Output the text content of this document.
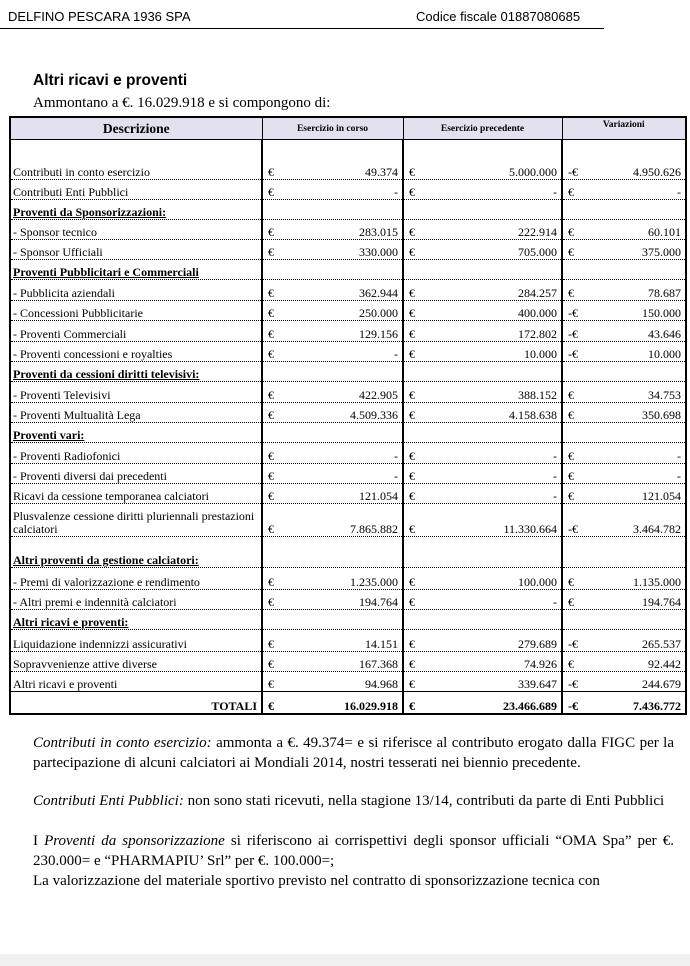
DELFINO PESCARA 1936 SPA	Codice fiscale 01887080685
Altri ricavi e proventi
Ammontano a €. 16.029.918 e si compongono di:
Descrizione	Esercizio in corso	Esercizio precedente	Variazioni
Contributi in conto esercizio	€ 49.374	€ 5.000.000	-€ 4.950.626

Contributi Enti Pubblici	€ -	€ -	€ -

Proventi da Sponsorizzazioni:			
- Sponsor tecnico	€ 283.015	€ 222.914	€ 60.101

- Sponsor Ufficiali	€ 330.000	€ 705.000	€ 375.000

Proventi Pubblicitari e Commerciali			
- Pubblicita aziendali	€ 362.944	€ 284.257	€ 78.687

- Concessioni Pubblicitarie	€ 250.000	€ 400.000	-€ 150.000

- Proventi Commerciali	€ 129.156	€ 172.802	-€ 43.646

- Proventi concessioni e royalties	€ -	€ 10.000	-€ 10.000

Proventi da cessioni diritti televisivi:			
- Proventi Televisivi	€ 422.905	€ 388.152	€ 34.753

- Proventi Multualità Lega	€ 4.509.336	€ 4.158.638	€ 350.698

Proventi vari:			
- Proventi Radiofonici	€ -	€ -	€ -

- Proventi diversi dai precedenti	€ -	€ -	€ -

Ricavi da cessione temporanea calciatori	€ 121.054	€ -	€ 121.054

Plusvalenze cessione diritti pluriennali prestazioni calciatori	€ 7.865.882	€ 11.330.664	-€ 3.464.782

Altri proventi da gestione calciatori:			
- Premi di valorizzazione e rendimento	€ 1.235.000	€ 100.000	€ 1.135.000

- Altri premi e indennità calciatori	€ 194.764	€ -	€ 194.764

Altri ricavi e proventi:			
Liquidazione indennizzi assicurativi	€ 14.151	€ 279.689	-€ 265.537

Sopravvenienze attive diverse	€ 167.368	€ 74.926	€ 92.442

Altri ricavi e proventi	€ 94.968	€ 339.647	-€ 244.679

TOTALI	€ 16.029.918	€ 23.466.689	-€ 7.436.772

Contributi in conto esercizio: ammonta a €. 49.374= e si riferisce al contributo erogato dalla FIGC per la partecipazione di alcuni calciatori ai Mondiali 2014, nostri tesserati nei biennio precedente.

Contributi Enti Pubblici: non sono stati ricevuti, nella stagione 13/14, contributi da parte di Enti Pubblici

I Proventi da sponsorizzazione si riferiscono ai corrispettivi degli sponsor ufficiali “OMA Spa” per €. 230.000= e “PHARMAPIU’ Srl” per €. 100.000=;

La valorizzazione del materiale sportivo previsto nel contratto di sponsorizzazione tecnica con
